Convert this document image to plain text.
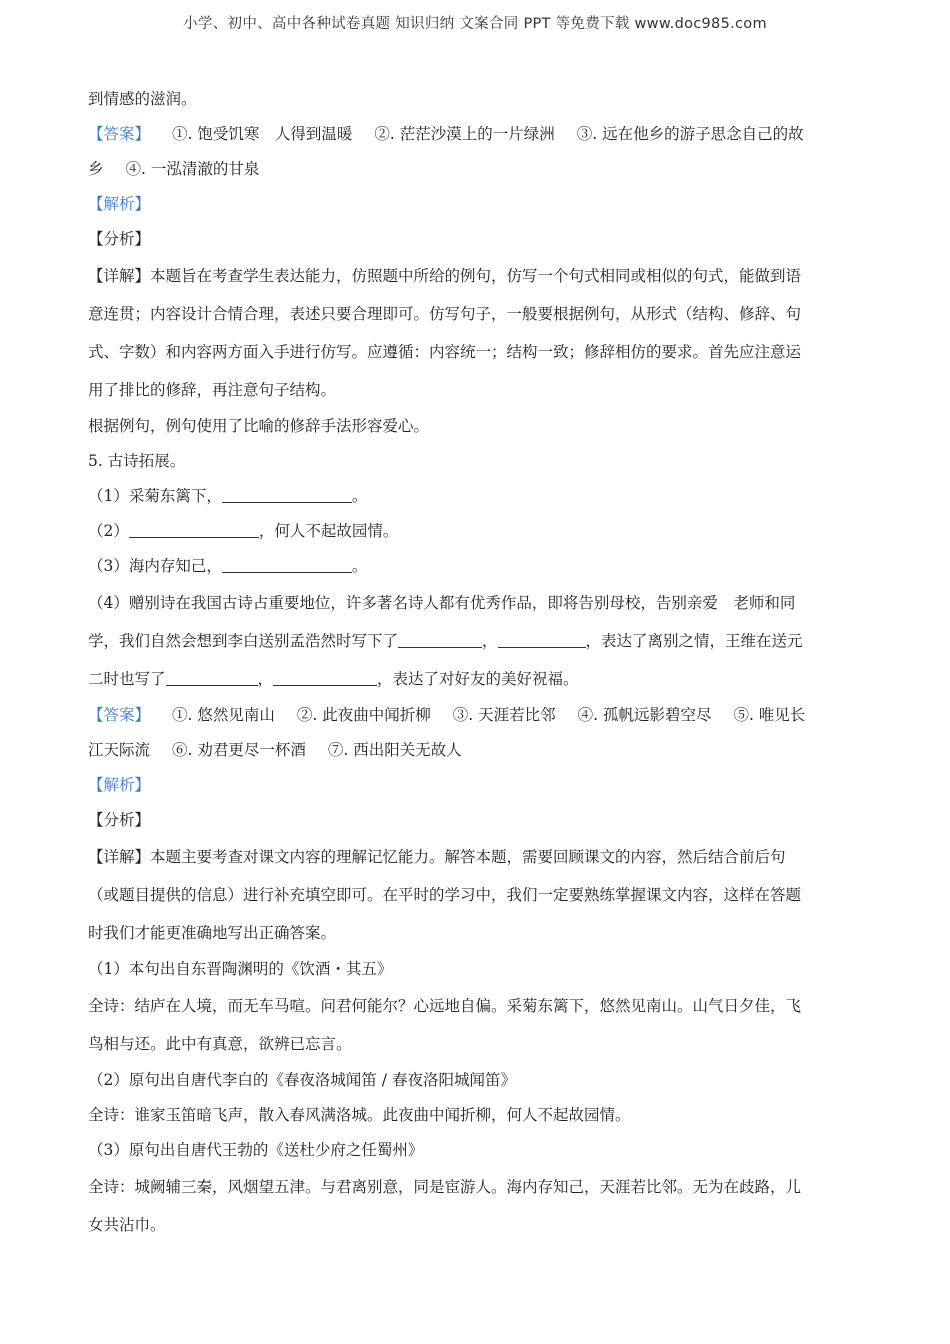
小学、初中、高中各种试卷真题 知识归纳 文案合同 PPT 等免费下载 www.doc985.com
到情感的滋润。
【答案】 ①. 饱受饥寒　人得到温暖 ②. 茫茫沙漠上的一片绿洲 ③. 远在他乡的游子思念自己的故
乡 ④. 一泓清澈的甘泉
【解析】
【分析】
【详解】本题旨在考查学生表达能力，仿照题中所给的例句，仿写一个句式相同或相似的句式，能做到语
意连贯；内容设计合情合理，表述只要合理即可。仿写句子，一般要根据例句，从形式（结构、修辞、句
式、字数）和内容两方面入手进行仿写。应遵循：内容统一；结构一致；修辞相仿的要求。首先应注意运
用了排比的修辞，再注意句子结构。
根据例句，例句使用了比喻的修辞手法形容爱心。
5. 古诗拓展。
（1）采菊东篱下，	。
（2）	，何人不起故园情。
（3）海内存知己，	。
（4）赠别诗在我国古诗占重要地位，许多著名诗人都有优秀作品，即将告别母校，告别亲爱　老师和同
学，我们自然会想到李白送别孟浩然时写下了	，	，表达了离别之情，王维在送元
二时也写了	，	，表达了对好友的美好祝福。
【答案】 ①. 悠然见南山 ②. 此夜曲中闻折柳 ③. 天涯若比邻 ④. 孤帆远影碧空尽 ⑤. 唯见长
江天际流 ⑥. 劝君更尽一杯酒 ⑦. 西出阳关无故人
【解析】
【分析】
【详解】本题主要考查对课文内容的理解记忆能力。解答本题，需要回顾课文的内容，然后结合前后句
（或题目提供的信息）进行补充填空即可。在平时的学习中，我们一定要熟练掌握课文内容，这样在答题
时我们才能更准确地写出正确答案。
（1）本句出自东晋陶渊明的《饮酒・其五》
全诗：结庐在人境，而无车马喧。问君何能尔？心远地自偏。采菊东篱下，悠然见南山。山气日夕佳，飞
鸟相与还。此中有真意，欲辨已忘言。
（2）原句出自唐代李白的《春夜洛城闻笛 / 春夜洛阳城闻笛》
全诗：谁家玉笛暗飞声，散入春风满洛城。此夜曲中闻折柳，何人不起故园情。
（3）原句出自唐代王勃的《送杜少府之任蜀州》
全诗：城阙辅三秦，风烟望五津。与君离别意，同是宦游人。海内存知己，天涯若比邻。无为在歧路，儿
女共沾巾。
